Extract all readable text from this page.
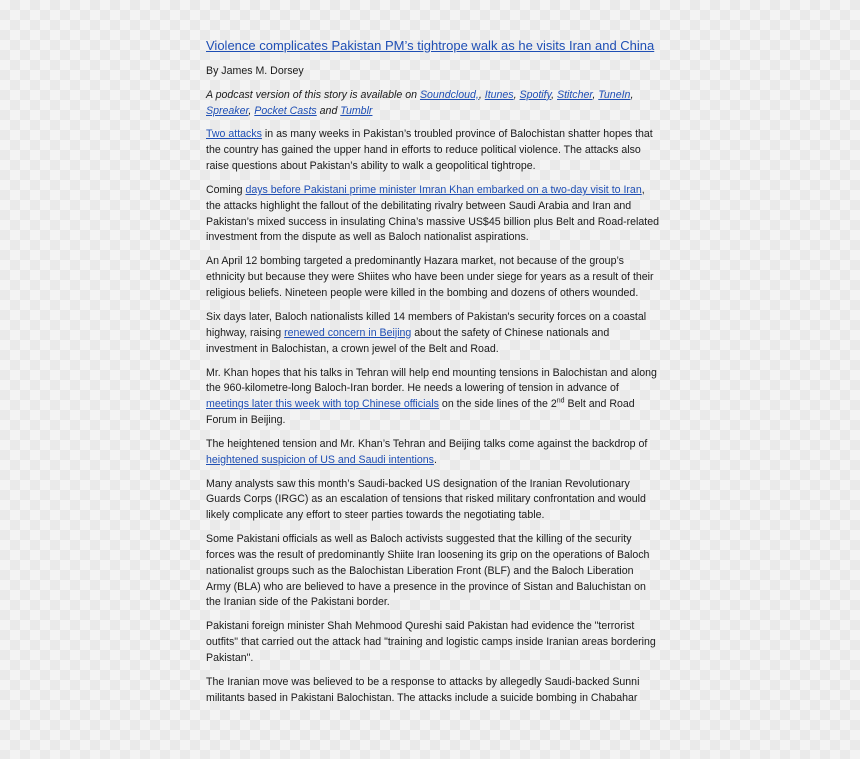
Violence complicates Pakistan PM’s tightrope walk as he visits Iran and China

By James M. Dorsey

A podcast version of this story is available on Soundcloud,, Itunes, Spotify, Stitcher, TuneIn, Spreaker, Pocket Casts and Tumblr

Two attacks in as many weeks in Pakistan’s troubled province of Balochistan shatter hopes that the country has gained the upper hand in efforts to reduce political violence. The attacks also raise questions about Pakistan’s ability to walk a geopolitical tightrope.

Coming days before Pakistani prime minister Imran Khan embarked on a two-day visit to Iran, the attacks highlight the fallout of the debilitating rivalry between Saudi Arabia and Iran and Pakistan’s mixed success in insulating China’s massive US$45 billion plus Belt and Road-related investment from the dispute as well as Baloch nationalist aspirations.

An April 12 bombing targeted a predominantly Hazara market, not because of the group’s ethnicity but because they were Shiites who have been under siege for years as a result of their religious beliefs. Nineteen people were killed in the bombing and dozens of others wounded.

Six days later, Baloch nationalists killed 14 members of Pakistan's security forces on a coastal highway, raising renewed concern in Beijing about the safety of Chinese nationals and investment in Balochistan, a crown jewel of the Belt and Road.

Mr. Khan hopes that his talks in Tehran will help end mounting tensions in Balochistan and along the 960-kilometre-long Baloch-Iran border. He needs a lowering of tension in advance of meetings later this week with top Chinese officials on the side lines of the 2nd Belt and Road Forum in Beijing.

The heightened tension and Mr. Khan’s Tehran and Beijing talks come against the backdrop of heightened suspicion of US and Saudi intentions.

Many analysts saw this month’s Saudi-backed US designation of the Iranian Revolutionary Guards Corps (IRGC) as an escalation of tensions that risked military confrontation and would likely complicate any effort to steer parties towards the negotiating table.

Some Pakistani officials as well as Baloch activists suggested that the killing of the security forces was the result of predominantly Shiite Iran loosening its grip on the operations of Baloch nationalist groups such as the Balochistan Liberation Front (BLF) and the Baloch Liberation Army (BLA) who are believed to have a presence in the province of Sistan and Baluchistan on the Iranian side of the Pakistani border.

Pakistani foreign minister Shah Mehmood Qureshi said Pakistan had evidence the "terrorist outfits" that carried out the attack had "training and logistic camps inside Iranian areas bordering Pakistan".

The Iranian move was believed to be a response to attacks by allegedly Saudi-backed Sunni militants based in Pakistani Balochistan. The attacks include a suicide bombing in Chabahar
